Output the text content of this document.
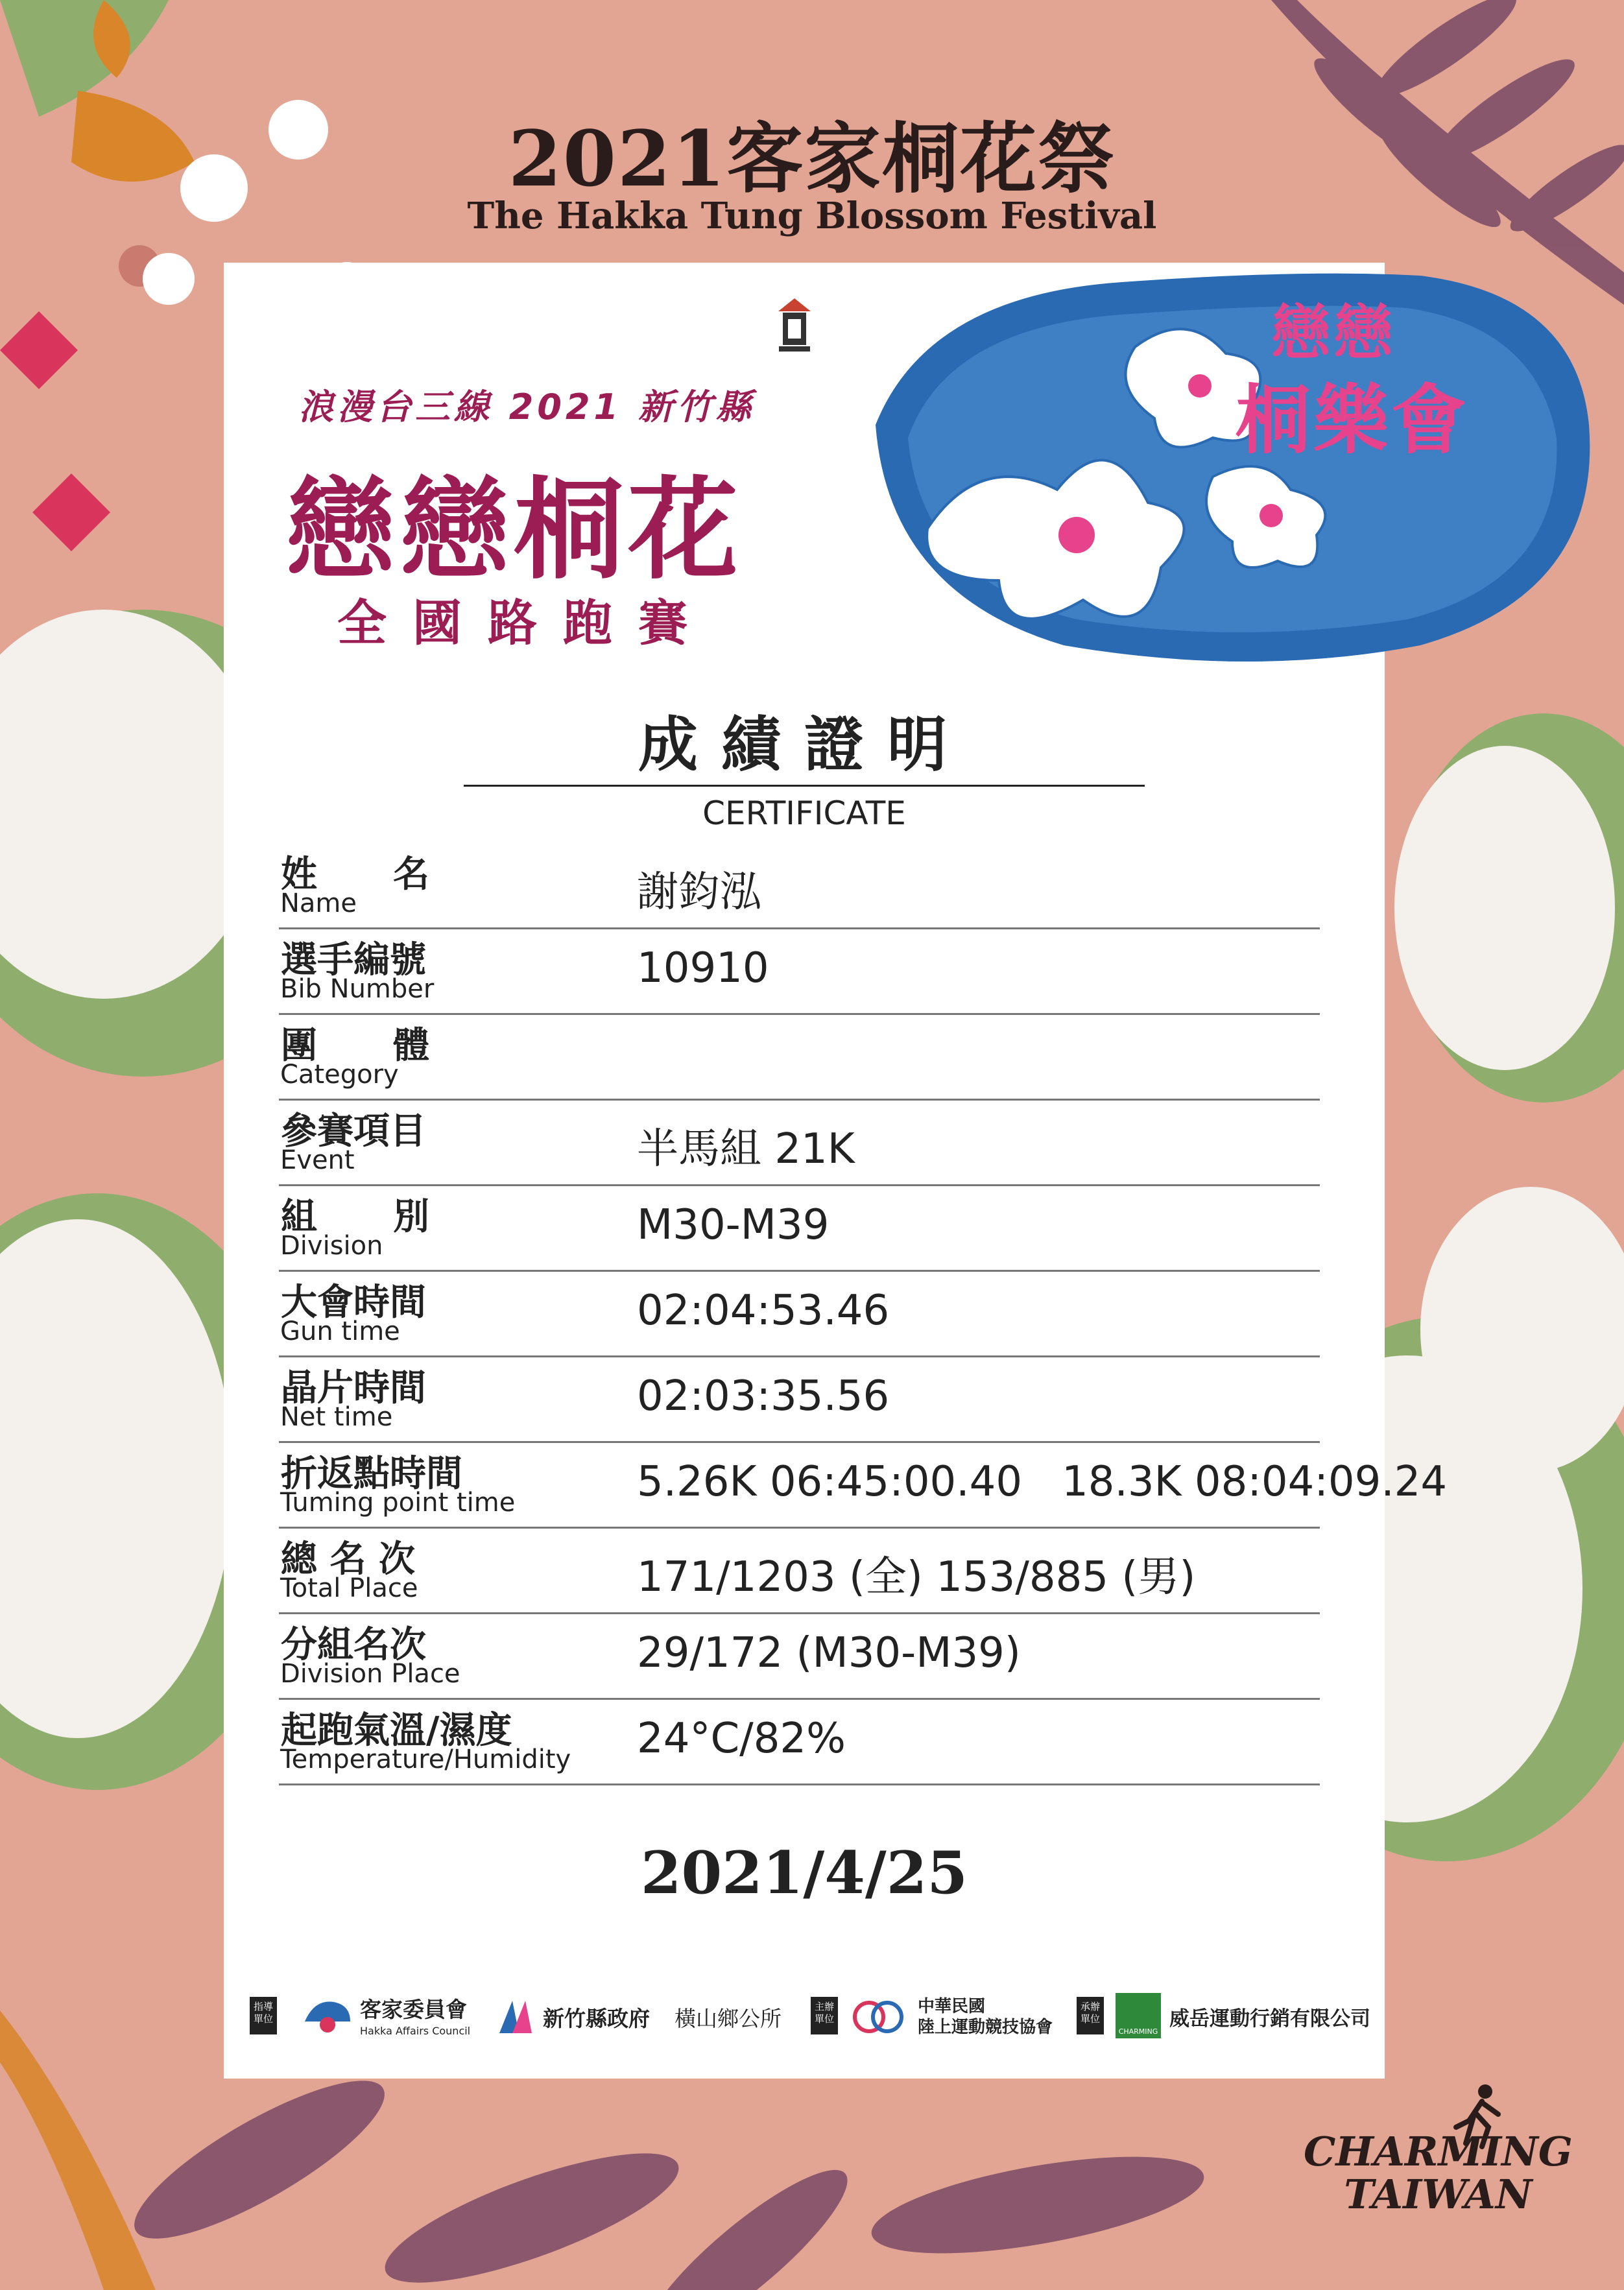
2021客家桐花祭
The Hakka Tung Blossom Festival
浪漫台三線 2021 新竹縣
戀戀桐花
全國路跑賽
戀戀
桐樂會
成績證明
CERTIFICATE
姓      名
Name	謝鈞泓
選手編號
Bib Number	10910
團      體
Category
參賽項目
Event	半馬組 21K
組      別
Division	M30-M39
大會時間
Gun time	02:04:53.46
晶片時間
Net time	02:03:35.56
折返點時間
Tuming point time	5.26K 06:45:00.40   18.3K 08:04:09.24
總 名 次
Total Place	171/1203 (全) 153/885 (男)
分組名次
Division Place	29/172 (M30-M39)
起跑氣溫/濕度
Temperature/Humidity 24°C/82%
2021/4/25
指導單位	客家委員會
Hakka Affairs Council	新竹縣政府 橫山鄉公所	主辦單位
中華民國
陸上運動競技協會
承辦單位
CHARMING
威岳運動行銷有限公司
CHARMING
TAIWAN
